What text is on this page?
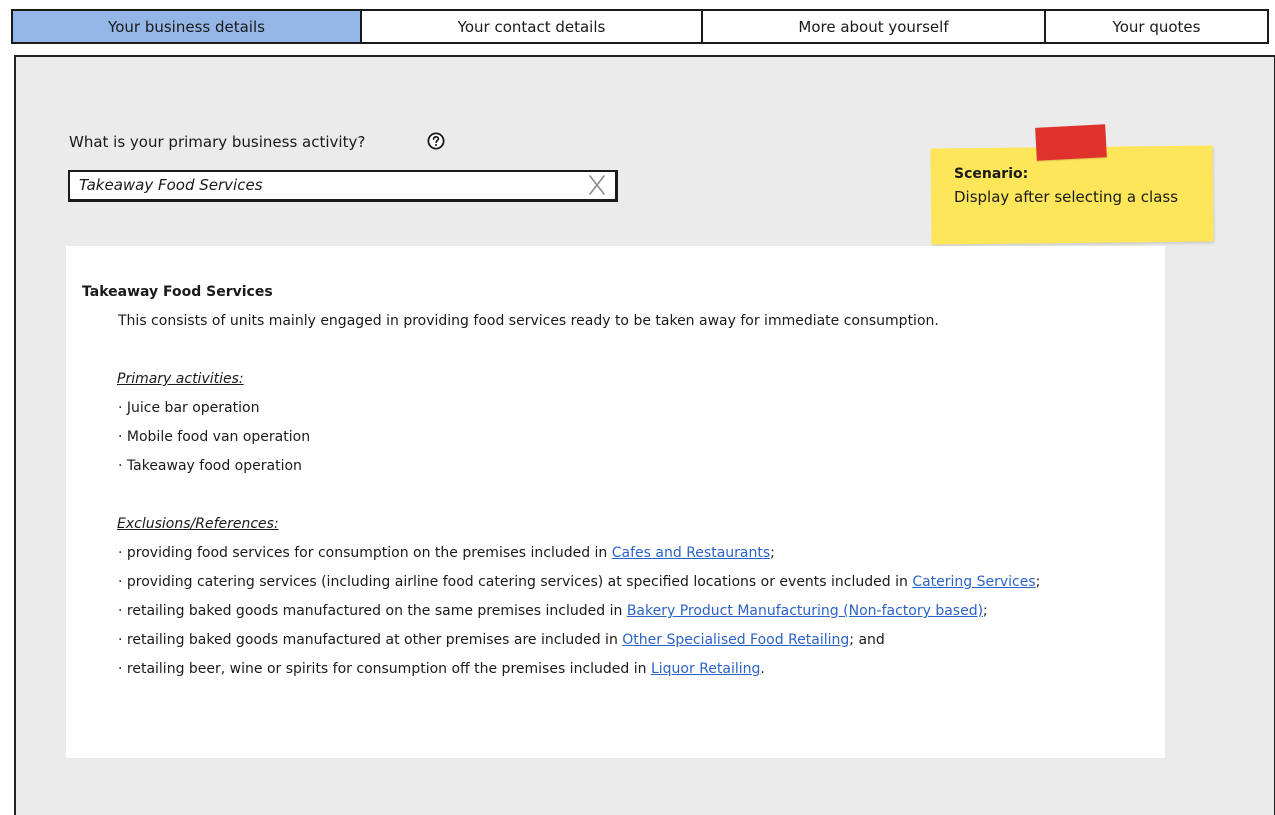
Your business details	Your contact details	More about yourself	Your quotes
What is your primary business activity?
Takeaway Food Services
Scenario:
Display after selecting a class
Takeaway Food Services
This consists of units mainly engaged in providing food services ready to be taken away for immediate consumption.
Primary activities:
· Juice bar operation
· Mobile food van operation
· Takeaway food operation
Exclusions/References:
· providing food services for consumption on the premises included in Cafes and Restaurants;
· providing catering services (including airline food catering services) at specified locations or events included in Catering Services;
· retailing baked goods manufactured on the same premises included in Bakery Product Manufacturing (Non-factory based);
· retailing baked goods manufactured at other premises are included in Other Specialised Food Retailing; and
· retailing beer, wine or spirits for consumption off the premises included in Liquor Retailing.
